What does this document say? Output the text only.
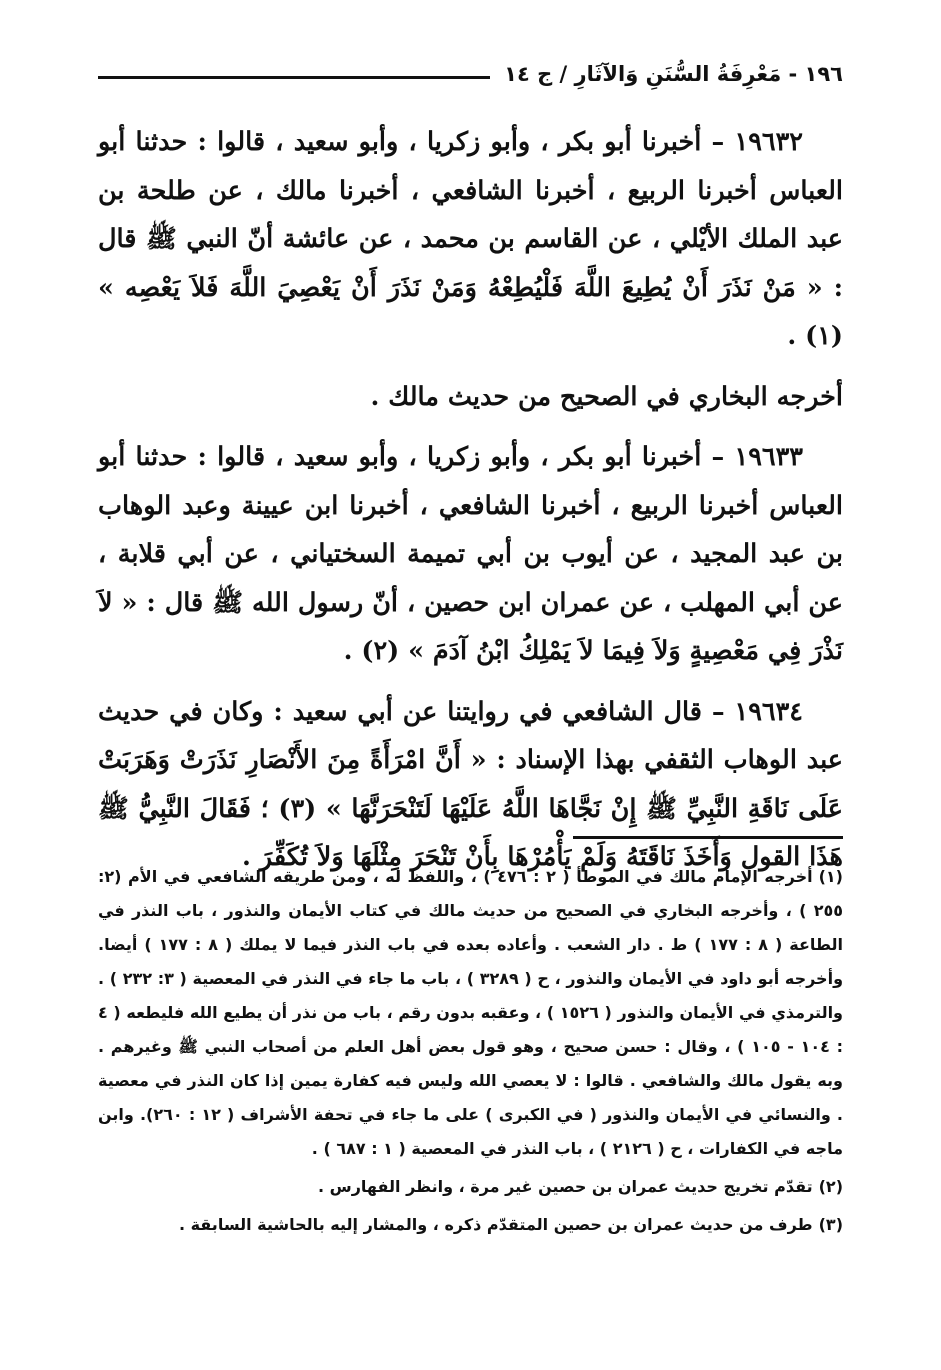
١٩٦ - مَعْرِفَةُ السُّنَنِ وَالآثَارِ / ج ١٤

١٩٦٣٢ – أخبرنا أبو بكر ، وأبو زكريا ، وأبو سعيد ، قالوا : حدثنا أبو العباس أخبرنا الربيع ، أخبرنا الشافعي ، أخبرنا مالك ، عن طلحة بن عبد الملك الأيْلي ، عن القاسم بن محمد ، عن عائشة أنّ النبي ﷺ قال : « مَنْ نَذَرَ أَنْ يُطِيعَ اللَّهَ فَلْيُطِعْهُ وَمَنْ نَذَرَ أَنْ يَعْصِيَ اللَّهَ فَلاَ يَعْصِه » (١) .

أخرجه البخاري في الصحيح من حديث مالك .

١٩٦٣٣ – أخبرنا أبو بكر ، وأبو زكريا ، وأبو سعيد ، قالوا : حدثنا أبو العباس أخبرنا الربيع ، أخبرنا الشافعي ، أخبرنا ابن عيينة وعبد الوهاب بن عبد المجيد ، عن أيوب بن أبي تميمة السختياني ، عن أبي قلابة ، عن أبي المهلب ، عن عمران ابن حصين ، أنّ رسول الله ﷺ قال : « لاَ نَذْرَ فِي مَعْصِيةٍ وَلاَ فِيمَا لاَ يَمْلِكُ ابْنُ آدَمَ » (٢) .

١٩٦٣٤ – قال الشافعي في روايتنا عن أبي سعيد : وكان في حديث عبد الوهاب الثقفي بهذا الإسناد : « أَنَّ امْرَأَةً مِنَ الأَنْصَارِ نَذَرَتْ وَهَرَبَتْ عَلَى نَاقَةِ النَّبِيِّ ﷺ إِنْ نَجَّاهَا اللَّهُ عَلَيْهَا لَتَنْحَرَنَّهَا » (٣) ؛ فَقَالَ النَّبِيُّ ﷺ هَذَا القول وَأَخَذَ نَاقَتَهُ وَلَمْ يَأْمُرْهَا بِأَنْ تَنْحَرَ مِثْلَهَا وَلاَ تُكَفِّرَ .

(١)أخرجه الإمام مالك في الموطأ ( ٢ : ٤٧٦ ) ، واللفظ له ، ومن طريقه الشافعي في الأم (٢: ٢٥٥ ) ، وأخرجه البخاري في الصحيح من حديث مالك في كتاب الأيمان والنذور ، باب النذر في الطاعة ( ٨ : ١٧٧ ) ط . دار الشعب . وأعاده بعده في باب النذر فيما لا يملك ( ٨ : ١٧٧ ) أيضا. وأخرجه أبو داود في الأيمان والنذور ، ح ( ٣٢٨٩ ) ، باب ما جاء في النذر في المعصية ( ٣: ٢٣٢ ) . والترمذي في الأيمان والنذور ( ١٥٢٦ ) ، وعقبه بدون رقم ، باب من نذر أن يطيع الله فليطعه ( ٤ : ١٠٤ - ١٠٥ ) ، وقال : حسن صحيح ، وهو قول بعض أهل العلم من أصحاب النبي ﷺ وغيرهم . وبه يقول مالك والشافعي . قالوا : لا يعصي الله وليس فيه كفارة يمين إذا كان النذر في معصية . والنسائي في الأيمان والنذور ( في الكبرى ) على ما جاء في تحفة الأشراف ( ١٢ : ٢٦٠). وابن ماجه في الكفارات ، ح ( ٢١٢٦ ) ، باب النذر في المعصية ( ١ : ٦٨٧ ) .

(٢)تقدّم تخريج حديث عمران بن حصين غير مرة ، وانظر الفهارس .

(٣)طرف من حديث عمران بن حصين المتقدّم ذكره ، والمشار إليه بالحاشية السابقة .
